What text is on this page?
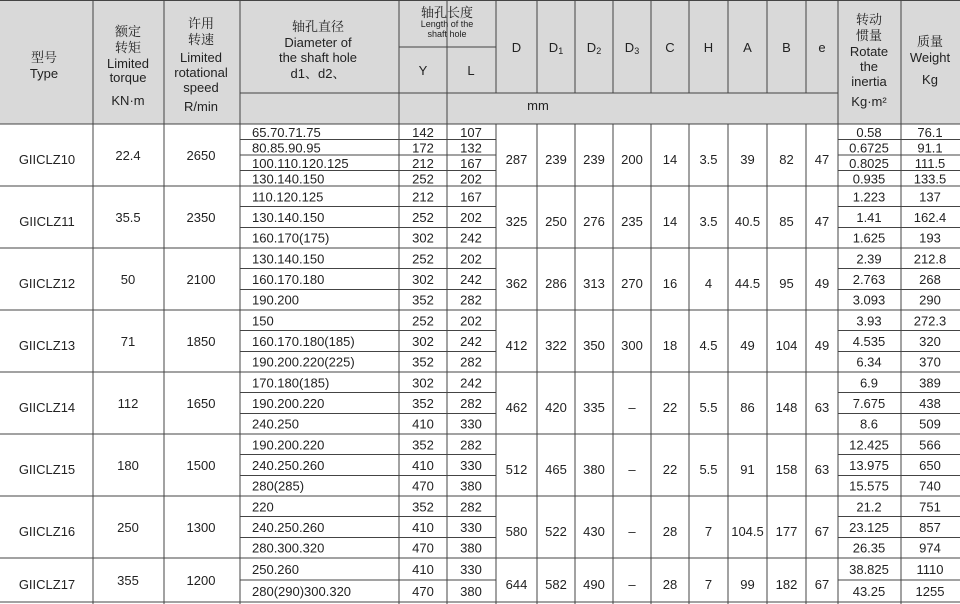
型号
Type
KN·m	R/min
轴孔直径
d1、d2、
轴孔长度
Y	L
D D1 D2 D3 C H A B e
mm	Kg·m²
质量
Weight
Kg
额定
转矩
Limited
torque
许用
转速
Limited
rotational
speed
Diameter of
the shaft hole
Length of the
shaft hole
转动
惯量
Rotate
the
inertia
GIICLZ10	22.4	2650	287 239 239 200 14 3.5 39 82 47
65.70.71.75	142 107	0.58	76.1
80.85.90.95	172 132	0.6725 91.1
100.110.120.125	212 167	0.8025 111.5
130.140.150	252 202	0.935 133.5
GIICLZ11	35.5	2350	325 250 276 235 14 3.5 40.5 85 47
110.120.125	212 167	1.223	137
130.140.150	252 202	1.41 162.4
160.170(175)	302 242	1.625	193
GIICLZ12	50	2100	362 286 313 270 16 4 44.5 95 49
130.140.150	252 202	2.39 212.8
160.170.180	302 242	2.763	268
190.200	352 282	3.093	290
GIICLZ13	71	1850	412 322 350 300 18 4.5 49 104 49
150	252 202	3.93 272.3
160.170.180(185)	302 242	4.535	320
190.200.220(225)	352 282	6.34	370
GIICLZ14	112	1650	462 420 335 – 22 5.5 86 148 63
170.180(185)	302 242	6.9	389
190.200.220	352 282	7.675	438
240.250	410 330	8.6	509
GIICLZ15	180	1500	512 465 380 – 22 5.5 91 158 63
190.200.220	352 282	12.425 566
240.250.260	410 330	13.975 650
280(285)	470 380	15.575 740
GIICLZ16	250	1300	580 522 430 – 28 7 104.5 177 67
220	352 282	21.2	751
240.250.260	410 330	23.125 857
280.300.320	470 380	26.35	974
GIICLZ17	355	1200	644 582 490 – 28 7 99 182 67
250.260	410 330	38.825 1110
280(290)300.320	470 380	43.25 1255
